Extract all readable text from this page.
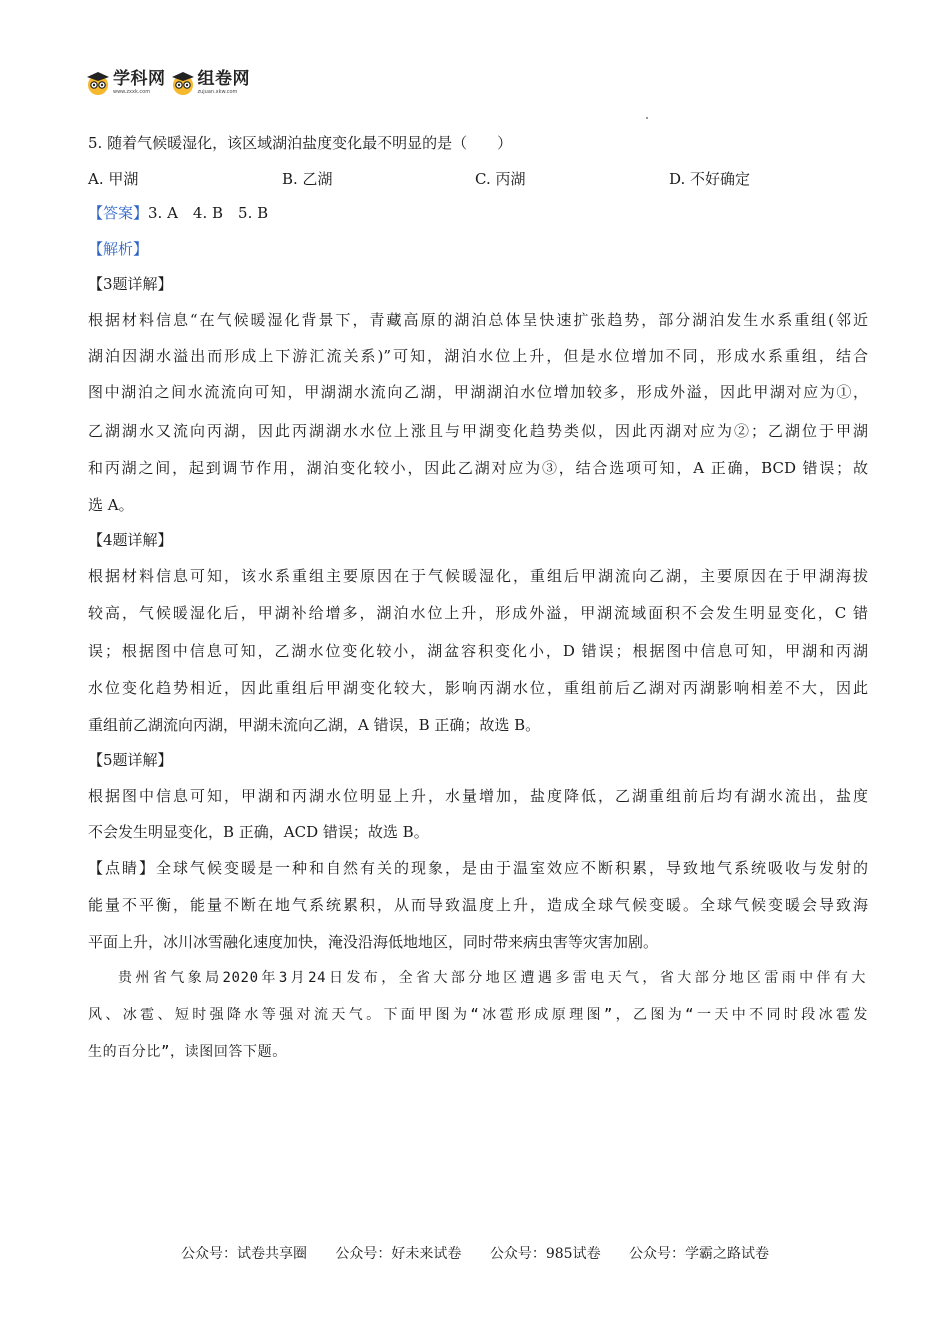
学科网
www.zxxk.com
组卷网
zujuan.xkw.com
5. 随着气候暖湿化，该区域湖泊盐度变化最不明显的是（　　）
A. 甲湖	B. 乙湖	C. 丙湖	D. 不好确定
【答案】3. A　4. B　5. B
【解析】
【3题详解】
根据材料信息“在气候暖湿化背景下，青藏高原的湖泊总体呈快速扩张趋势，部分湖泊发生水系重组(邻近
湖泊因湖水溢出而形成上下游汇流关系)”可知，湖泊水位上升，但是水位增加不同，形成水系重组，结合
图中湖泊之间水流流向可知，甲湖湖水流向乙湖，甲湖湖泊水位增加较多，形成外溢，因此甲湖对应为①，
乙湖湖水又流向丙湖，因此丙湖湖水水位上涨且与甲湖变化趋势类似，因此丙湖对应为②；乙湖位于甲湖
和丙湖之间，起到调节作用，湖泊变化较小，因此乙湖对应为③，结合选项可知，A 正确，BCD 错误；故
选 A。
【4题详解】
根据材料信息可知，该水系重组主要原因在于气候暖湿化，重组后甲湖流向乙湖，主要原因在于甲湖海拔
较高，气候暖湿化后，甲湖补给增多，湖泊水位上升，形成外溢，甲湖流域面积不会发生明显变化，C 错
误；根据图中信息可知，乙湖水位变化较小，湖盆容积变化小，D 错误；根据图中信息可知，甲湖和丙湖
水位变化趋势相近，因此重组后甲湖变化较大，影响丙湖水位，重组前后乙湖对丙湖影响相差不大，因此
重组前乙湖流向丙湖，甲湖未流向乙湖，A 错误，B 正确；故选 B。
【5题详解】
根据图中信息可知，甲湖和丙湖水位明显上升，水量增加，盐度降低，乙湖重组前后均有湖水流出，盐度
不会发生明显变化，B 正确，ACD 错误；故选 B。
【点睛】全球气候变暖是一种和自然有关的现象，是由于温室效应不断积累，导致地气系统吸收与发射的
能量不平衡，能量不断在地气系统累积，从而导致温度上升，造成全球气候变暖。全球气候变暖会导致海
平面上升，冰川冰雪融化速度加快，淹没沿海低地地区，同时带来病虫害等灾害加剧。
贵州省气象局2020年3月24日发布，全省大部分地区遭遇多雷电天气，省大部分地区雷雨中伴有大
风、冰雹、短时强降水等强对流天气。下面甲图为“冰雹形成原理图”，乙图为“一天中不同时段冰雹发
生的百分比”，读图回答下题。
公众号：试卷共享圈 公众号：好未来试卷 公众号：985试卷 公众号：学霸之路试卷
